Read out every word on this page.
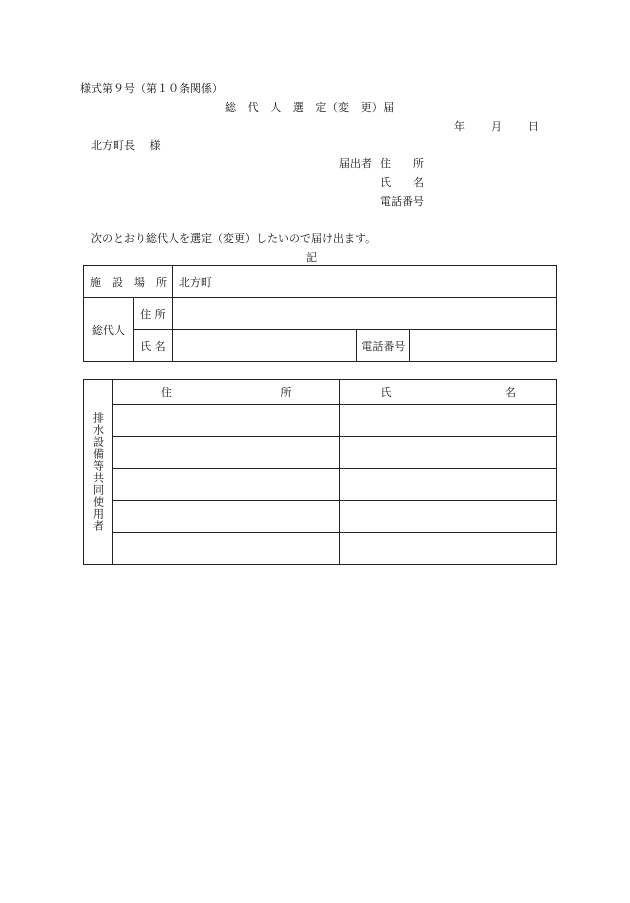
様式第９号（第１０条関係）
総　代　人　選　定（変　更）届
年 月 日
北方町長　 様
届出者 住　　所
氏　　名
電話番号
次のとおり総代人を選定（変更）したいので届け出ます。
記
施　設　場　所		北方町		
総代人	住 所			
	氏 名		電話番号	
排水設備等共同使用者	住 所	氏 名
